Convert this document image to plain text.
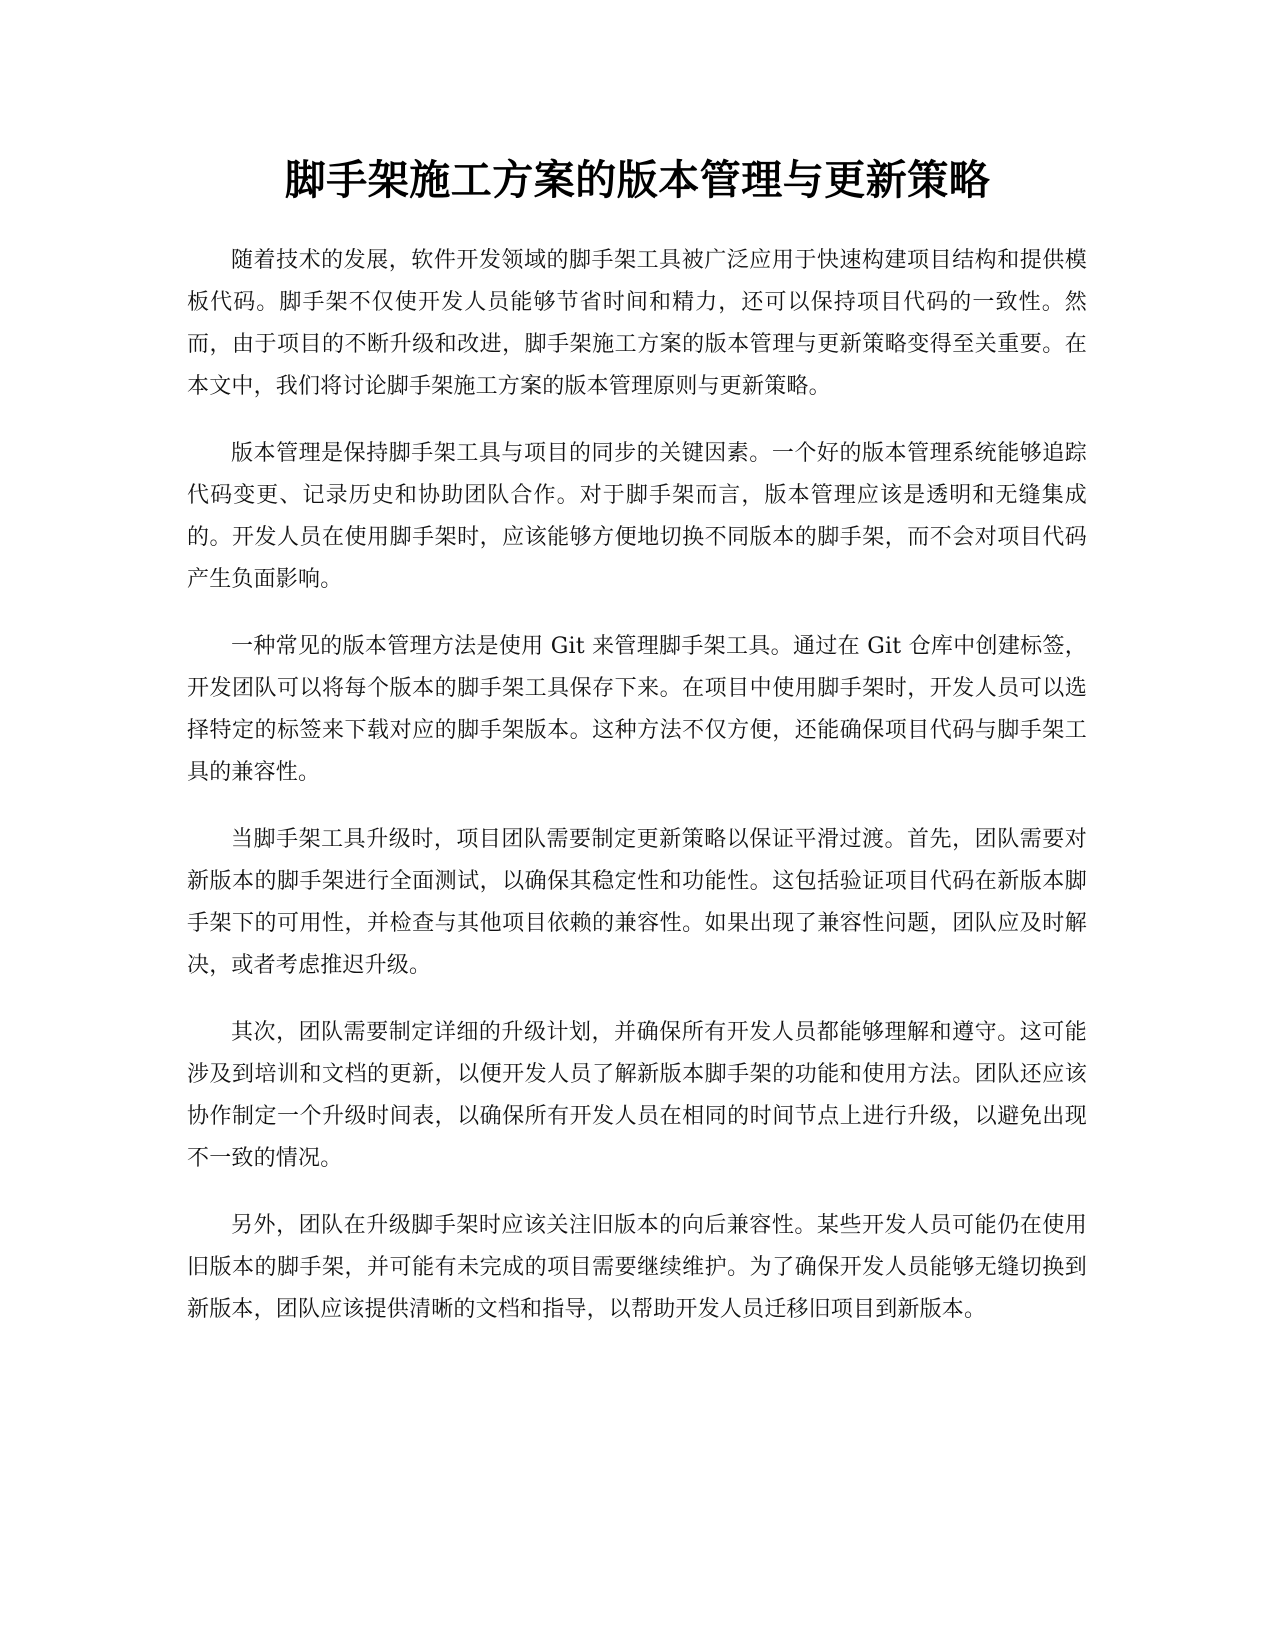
脚手架施工方案的版本管理与更新策略

随着技术的发展，软件开发领域的脚手架工具被广泛应用于快速构建项目结构和提供模板代码。脚手架不仅使开发人员能够节省时间和精力，还可以保持项目代码的一致性。然而，由于项目的不断升级和改进，脚手架施工方案的版本管理与更新策略变得至关重要。在本文中，我们将讨论脚手架施工方案的版本管理原则与更新策略。

版本管理是保持脚手架工具与项目的同步的关键因素。一个好的版本管理系统能够追踪代码变更、记录历史和协助团队合作。对于脚手架而言，版本管理应该是透明和无缝集成的。开发人员在使用脚手架时，应该能够方便地切换不同版本的脚手架，而不会对项目代码产生负面影响。

一种常见的版本管理方法是使用 Git 来管理脚手架工具。通过在 Git 仓库中创建标签，开发团队可以将每个版本的脚手架工具保存下来。在项目中使用脚手架时，开发人员可以选择特定的标签来下载对应的脚手架版本。这种方法不仅方便，还能确保项目代码与脚手架工具的兼容性。

当脚手架工具升级时，项目团队需要制定更新策略以保证平滑过渡。首先，团队需要对新版本的脚手架进行全面测试，以确保其稳定性和功能性。这包括验证项目代码在新版本脚手架下的可用性，并检查与其他项目依赖的兼容性。如果出现了兼容性问题，团队应及时解决，或者考虑推迟升级。

其次，团队需要制定详细的升级计划，并确保所有开发人员都能够理解和遵守。这可能涉及到培训和文档的更新，以便开发人员了解新版本脚手架的功能和使用方法。团队还应该协作制定一个升级时间表，以确保所有开发人员在相同的时间节点上进行升级，以避免出现不一致的情况。

另外，团队在升级脚手架时应该关注旧版本的向后兼容性。某些开发人员可能仍在使用旧版本的脚手架，并可能有未完成的项目需要继续维护。为了确保开发人员能够无缝切换到新版本，团队应该提供清晰的文档和指导，以帮助开发人员迁移旧项目到新版本。
